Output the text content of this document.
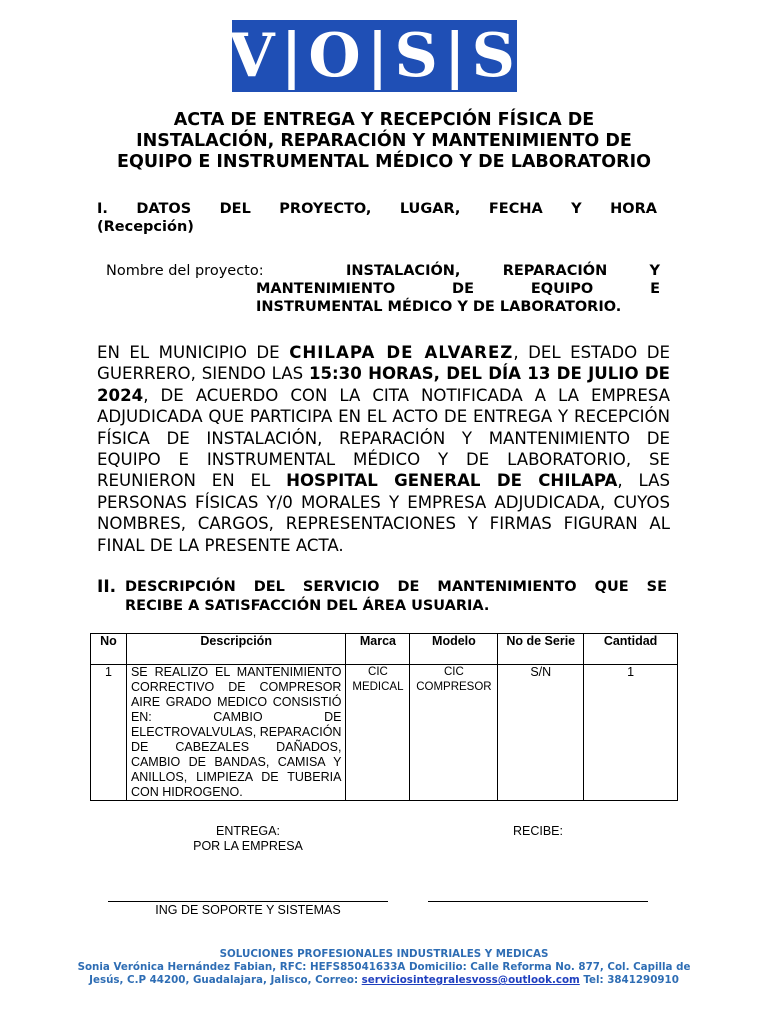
V|O|S|S
ACTA DE ENTREGA Y RECEPCIÓN FÍSICA DE
INSTALACIÓN, REPARACIÓN Y MANTENIMIENTO DE
EQUIPO E INSTRUMENTAL MÉDICO Y DE LABORATORIO
I. DATOS DEL PROYECTO, LUGAR, FECHA Y HORA
(Recepción)
Nombre del proyecto:	INSTALACIÓN, REPARACIÓN Y
MANTENIMIENTO DE EQUIPO E
INSTRUMENTAL MÉDICO Y DE LABORATORIO.
EN EL MUNICIPIO DE CHILAPA DE ALVAREZ, DEL ESTADO DE GUERRERO, SIENDO LAS 15:30 HORAS, DEL DÍA 13 DE JULIO DE 2024, DE ACUERDO CON LA CITA NOTIFICADA A LA EMPRESA ADJUDICADA QUE PARTICIPA EN EL ACTO DE ENTREGA Y RECEPCIÓN FÍSICA DE INSTALACIÓN, REPARACIÓN Y MANTENIMIENTO DE EQUIPO E INSTRUMENTAL MÉDICO Y DE LABORATORIO, SE REUNIERON EN EL HOSPITAL GENERAL DE CHILAPA, LAS PERSONAS FÍSICAS Y/0 MORALES Y EMPRESA ADJUDICADA, CUYOS NOMBRES, CARGOS, REPRESENTACIONES Y FIRMAS FIGURAN AL FINAL DE LA PRESENTE ACTA.
II. DESCRIPCIÓN DEL SERVICIO DE MANTENIMIENTO QUE SE
RECIBE A SATISFACCIÓN DEL ÁREA USUARIA.
No	Descripción	Marca	Modelo	No de Serie	Cantidad
1	SE REALIZO EL MANTENIMIENTO CORRECTIVO DE COMPRESOR AIRE GRADO MEDICO CONSISTIÓ EN: CAMBIO DE ELECTROVALVULAS, REPARACIÓN DE CABEZALES DAÑADOS, CAMBIO DE BANDAS, CAMISA Y ANILLOS, LIMPIEZA DE TUBERIA CON HIDROGENO.	CIC MEDICAL	CIC COMPRESOR	S/N	1
ENTREGA:
POR LA EMPRESA
RECIBE:
ING DE SOPORTE Y SISTEMAS
SOLUCIONES PROFESIONALES INDUSTRIALES Y MEDICAS
Sonia Verónica Hernández Fabian, RFC: HEFS85041633A Domicilio: Calle Reforma No. 877, Col. Capilla de
Jesús, C.P 44200, Guadalajara, Jalisco, Correo: serviciosintegralesvoss@outlook.com Tel: 3841290910
